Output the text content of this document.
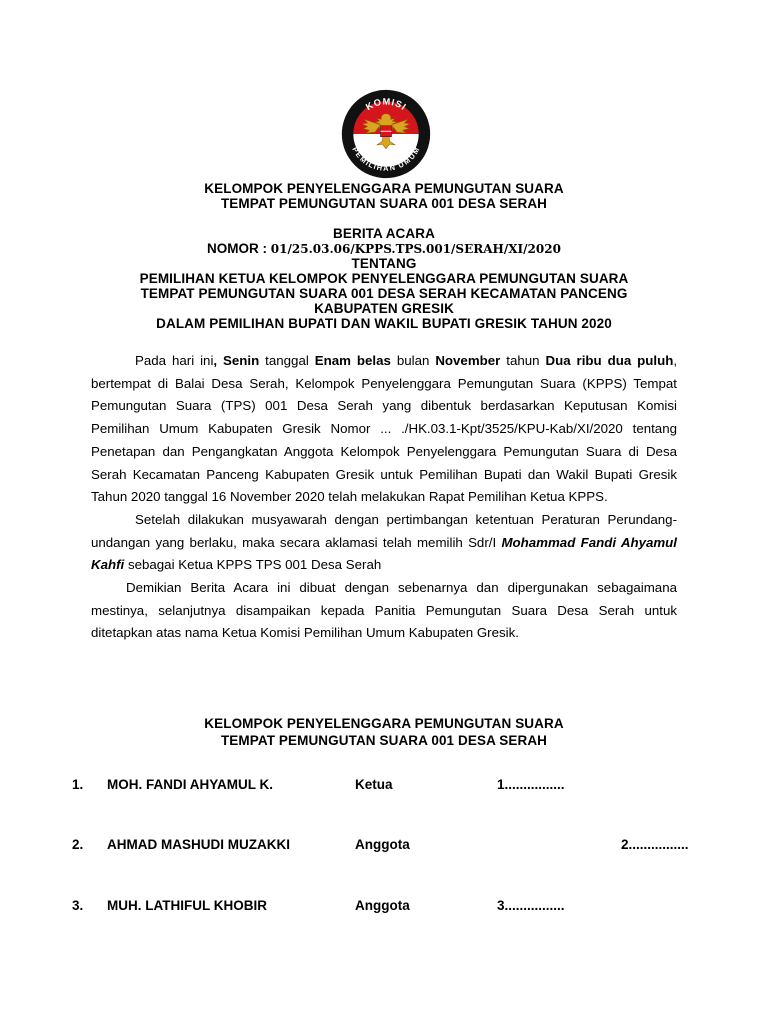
KOMISI
PEMILIHAN UMUM
KELOMPOK PENYELENGGARA PEMUNGUTAN SUARA
TEMPAT PEMUNGUTAN SUARA 001 DESA SERAH
BERITA ACARA
NOMOR : 01/25.03.06/KPPS.TPS.001/SERAH/XI/2020
TENTANG
PEMILIHAN KETUA KELOMPOK PENYELENGGARA PEMUNGUTAN SUARA
TEMPAT PEMUNGUTAN SUARA 001 DESA SERAH KECAMATAN PANCENG
KABUPATEN GRESIK
DALAM PEMILIHAN BUPATI DAN WAKIL BUPATI GRESIK TAHUN 2020

Pada hari ini, Senin tanggal Enam belas bulan November tahun Dua ribu dua puluh, bertempat di Balai Desa Serah, Kelompok Penyelenggara Pemungutan Suara (KPPS) Tempat Pemungutan Suara (TPS) 001 Desa Serah yang dibentuk berdasarkan Keputusan Komisi Pemilihan Umum Kabupaten Gresik Nomor ... ./HK.03.1-Kpt/3525/KPU-Kab/XI/2020 tentang Penetapan dan Pengangkatan Anggota Kelompok Penyelenggara Pemungutan Suara di Desa Serah Kecamatan Panceng Kabupaten Gresik untuk Pemilihan Bupati dan Wakil Bupati Gresik Tahun 2020 tanggal 16 November 2020 telah melakukan Rapat Pemilihan Ketua KPPS.

Setelah dilakukan musyawarah dengan pertimbangan ketentuan Peraturan Perundang-undangan yang berlaku, maka secara aklamasi telah memilih Sdr/I Mohammad Fandi Ahyamul Kahfi sebagai Ketua KPPS TPS 001 Desa Serah

Demikian Berita Acara ini dibuat dengan sebenarnya dan dipergunakan sebagaimana mestinya, selanjutnya disampaikan kepada Panitia Pemungutan Suara Desa Serah untuk ditetapkan atas nama Ketua Komisi Pemilihan Umum Kabupaten Gresik.

KELOMPOK PENYELENGGARA PEMUNGUTAN SUARA
TEMPAT PEMUNGUTAN SUARA 001 DESA SERAH
1. MOH. FANDI AHYAMUL K.	Ketua	1................
2. AHMAD MASHUDI MUZAKKI	Anggota	2................
3. MUH. LATHIFUL KHOBIR	Anggota	3................
